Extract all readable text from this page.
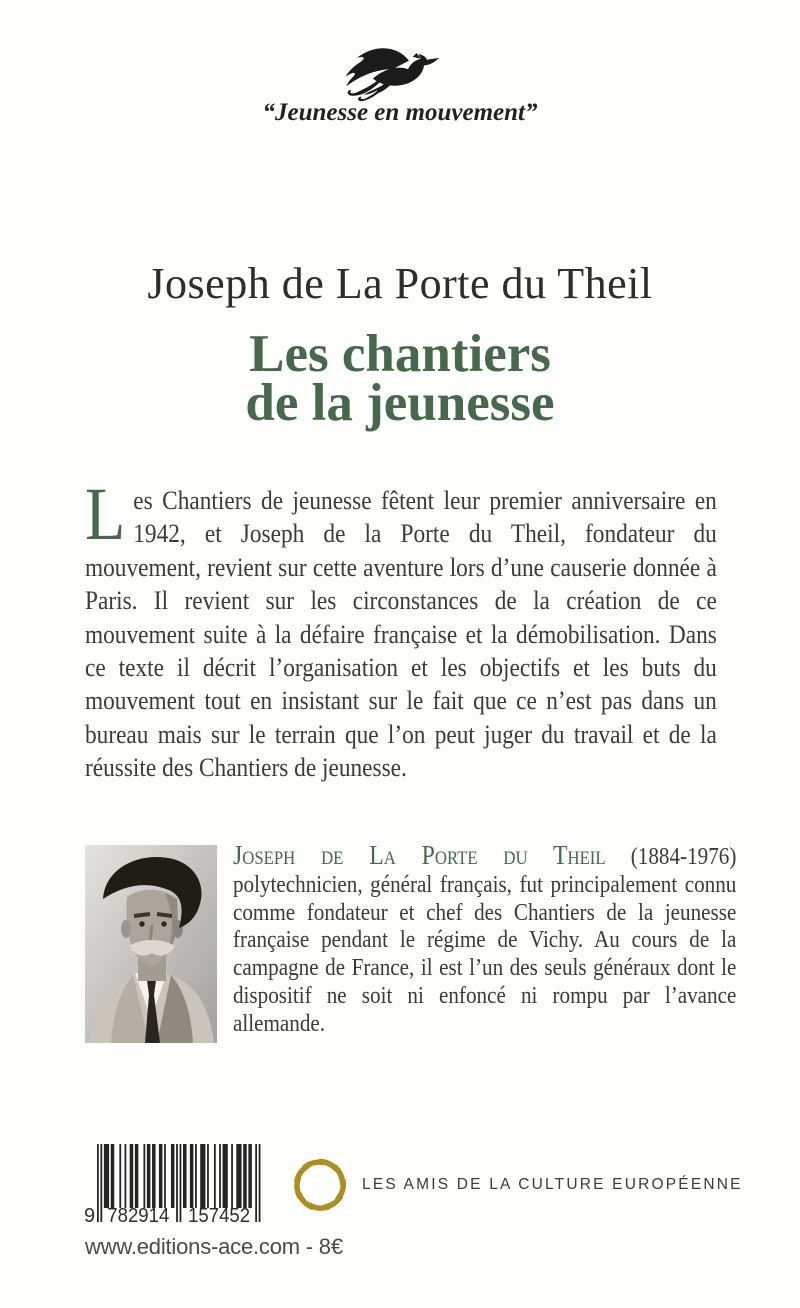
“Jeunesse en mouvement”
Joseph de La Porte du Theil
Les chantiers
de la jeunesse

Les Chantiers de jeunesse fêtent leur premier anniversaire en 1942, et Joseph de la Porte du Theil, fondateur du mouvement, revient sur cette aventure lors d’une causerie donnée à Paris. Il revient sur les circonstances de la création de ce mouvement suite à la défaire française et la démobilisation. Dans ce texte il décrit l’organisation et les objectifs et les buts du mouvement tout en insistant sur le fait que ce n’est pas dans un bureau mais sur le terrain que l’on peut juger du travail et de la réussite des Chantiers de jeunesse.

Joseph de La Porte du Theil (1884-1976) polytechnicien, général français, fut principalement connu comme fondateur et chef des Chantiers de la jeunesse française pendant le régime de Vichy. Au cours de la campagne de France, il est l’un des seuls généraux dont le dispositif ne soit ni enfoncé ni rompu par l’avance allemande.

9 782914 157452
LES AMIS DE LA CULTURE EUROPÉENNE
www.editions-ace.com - 8€
